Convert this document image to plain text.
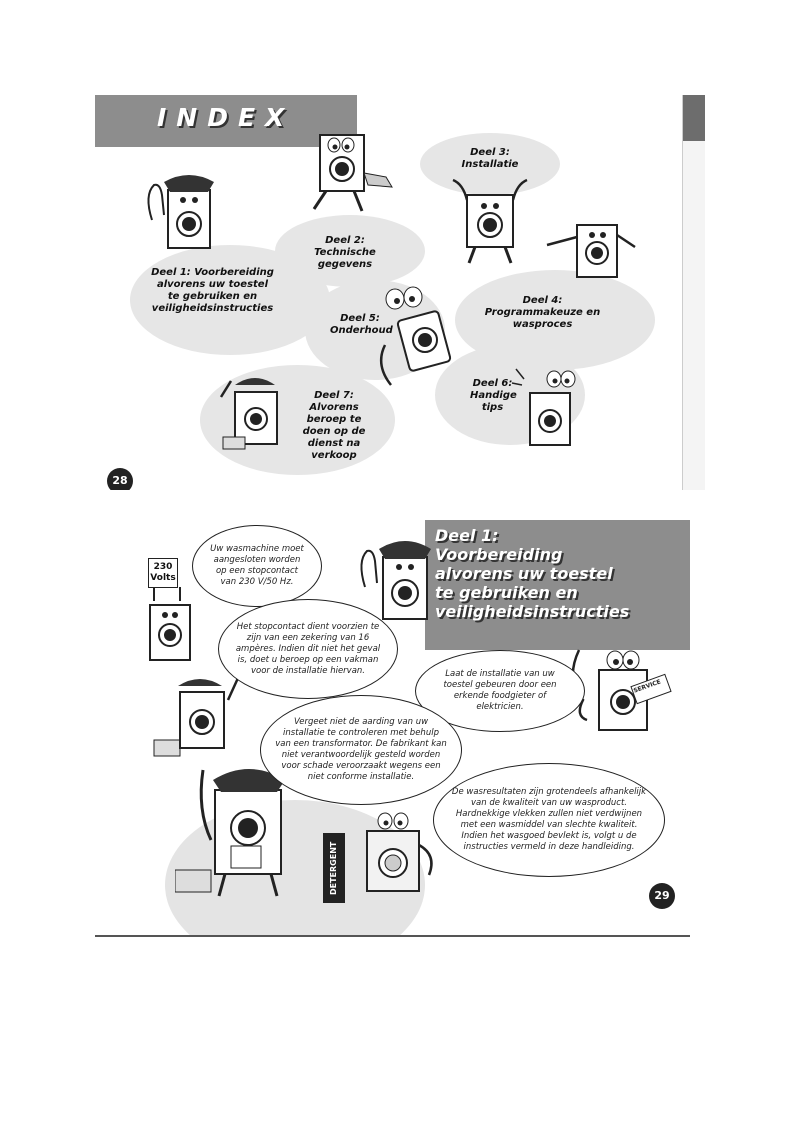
INDEX
Deel 1: Voorbereiding alvorens uw toestel te gebruiken en veiligheidsinstructies
Deel 2: Technische gegevens
Deel 3: Installatie
Deel 4: Programmakeuze en wasproces
Deel 5: Onderhoud
Deel 6: Handige tips
Deel 7: Alvorens beroep te doen op de dienst na verkoop
28
Deel 1:
Voorbereiding
alvorens uw toestel
te gebruiken en
veiligheidsinstructies
230 Volts
SERVICE
DETERGENT
Uw wasmachine moet aangesloten worden op een stopcontact van 230 V/50 Hz.
Het stopcontact dient voorzien te zijn van een zekering van 16 ampères. Indien dit niet het geval is, doet u beroep op een vakman voor de installatie hiervan.	Laat de installatie van uw toestel gebeuren door een erkende foodgieter of elektricien.
Vergeet niet de aarding van uw installatie te controleren met behulp van een transformator. De fabrikant kan niet verantwoordelijk gesteld worden voor schade veroorzaakt wegens een niet conforme installatie.
De wasresultaten zijn grotendeels afhankelijk van de kwaliteit van uw wasproduct. Hardnekkige vlekken zullen niet verdwijnen met een wasmiddel van slechte kwaliteit. Indien het wasgoed bevlekt is, volgt u de instructies vermeld in deze handleiding.
29
